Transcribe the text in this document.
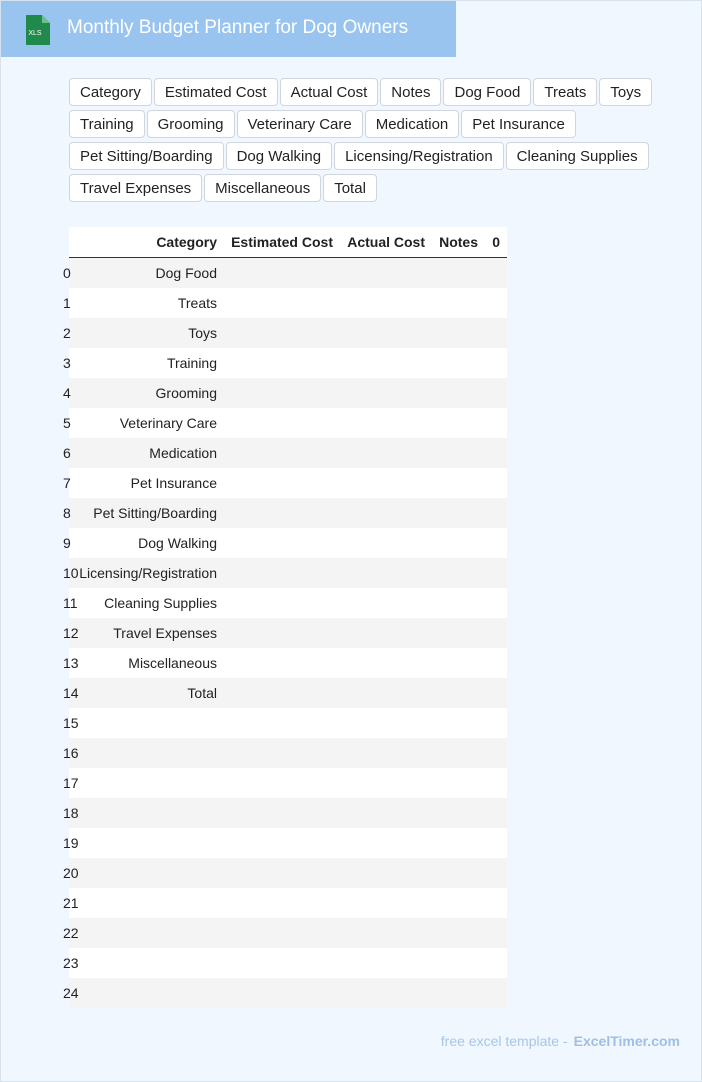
XLS Monthly Budget Planner for Dog Owners
Category	Estimated Cost	Actual Cost	Notes	Dog Food	Treats	Toys
Training	Grooming	Veterinary Care	Medication	Pet Insurance
Pet Sitting/Boarding	Dog Walking	Licensing/Registration	Cleaning Supplies
Travel Expenses	Miscellaneous	Total
	Category	Estimated Cost	Actual Cost	Notes	0

0	Dog Food				

1	Treats				

2	Toys				

3	Training				

4	Grooming				

5	Veterinary Care				

6	Medication				

7	Pet Insurance				

8	Pet Sitting/Boarding				

9	Dog Walking				

10	Licensing/Registration				

11	Cleaning Supplies				

12	Travel Expenses				

13	Miscellaneous				

14	Total				

15				

16				

17				

18				

19				

20				

21				

22				

23				

24				

free excel template - ExcelTimer.com
